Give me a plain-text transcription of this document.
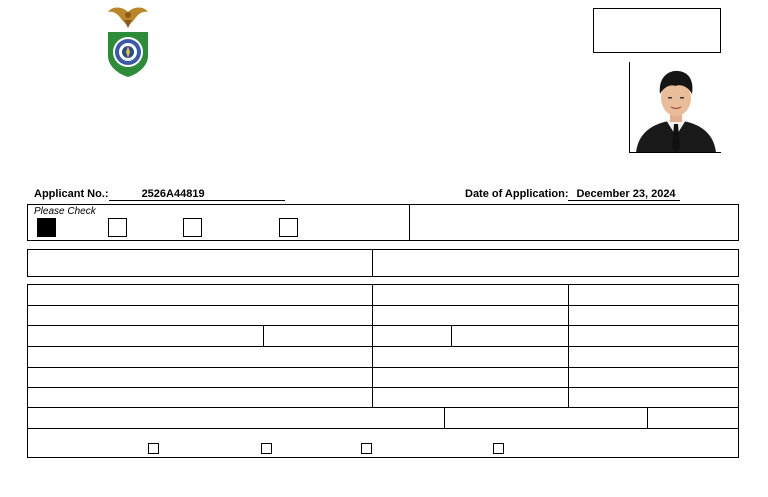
Applicant No.:	2526A44819	Date of Application: December 23, 2024
Please Check
